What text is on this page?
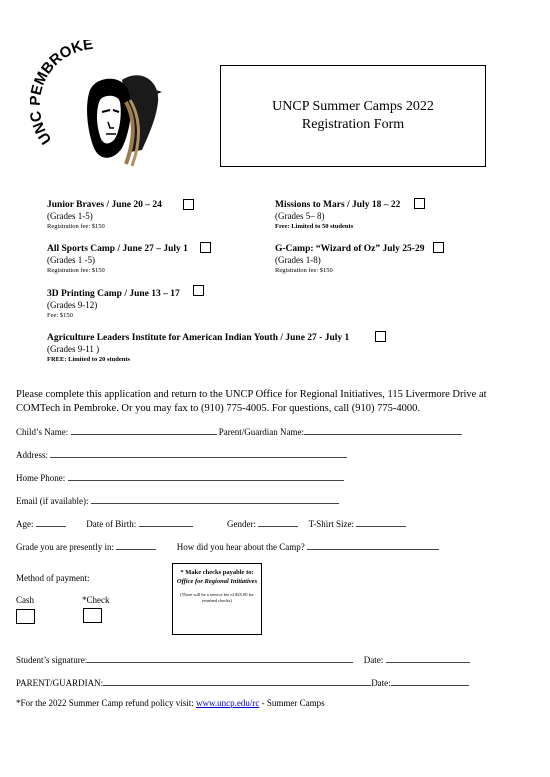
UN MBROKE
UNCP Summer Camps 2022
Registration Form
Junior Braves / June 20 – 24
(Grades 1-5)
Registration fee: $150
Missions to Mars / July 18 – 22
(Grades 5– 8)
Free: Limited to 50 students
All Sports Camp / June 27 – July 1
(Grades 1 -5)
Registration fee: $150
G-Camp: “Wizard of Oz” July 25-29
(Grades 1-8)
Registration fee: $150
3D Printing Camp / June 13 – 17
(Grades 9-12)
Fee: $150
Agriculture Leaders Institute for American Indian Youth / June 27 - July 1
(Grades 9-11 )
FREE: Limited to 20 students
Please complete this application and return to the UNCP Office for Regional Initiatives, 115 Livermore Drive at COMTech in Pembroke. Or you may fax to (910) 775-4005. For questions, call (910) 775-4000.
Child’s Name:	Parent/Guardian Name:
Address:
Home Phone:
Email (if available):
Age:	Date of Birth:	Gender:	T-Shirt Size:
Grade you are presently in:	How did you hear about the Camp?
Method of payment:
Cash	*Check
* Make checks payable to:
Office for Regional Initiatives
(There will be a service fee of $25.00 for returned checks)
Student’s signature:	Date:
PARENT/GUARDIAN:	Date:
*For the 2022 Summer Camp refund policy visit: www.uncp.edu/rc - Summer Camps
